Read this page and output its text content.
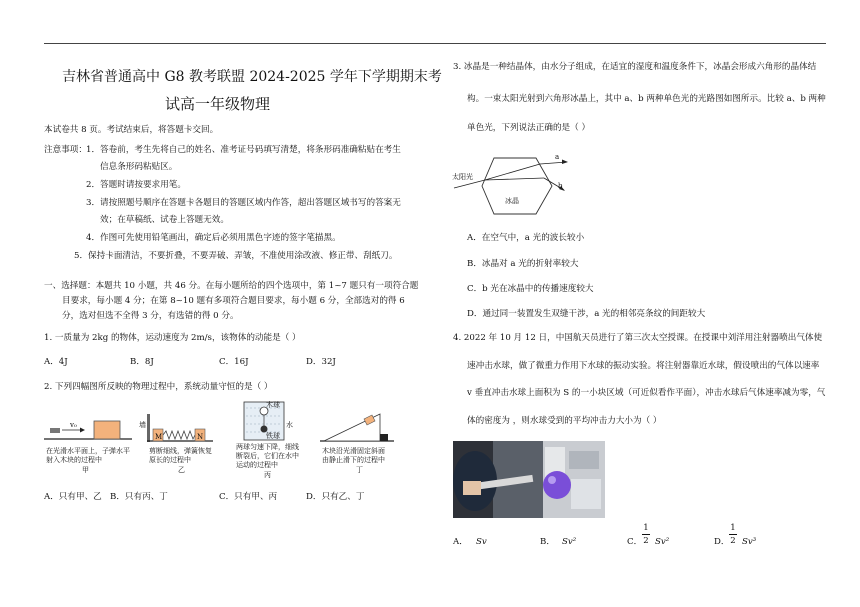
吉林省普通高中 G8 教考联盟 2024-2025 学年下学期期末考
试高一年级物理
本试卷共 8 页。考试结束后，将答题卡交回。
注意事项： 1．答卷前，考生先将自己的姓名、准考证号码填写清楚，将条形码准确粘贴在考生
信息条形码粘贴区。
2．答题时请按要求用笔。
3．请按照题号顺序在答题卡各题目的答题区域内作答，超出答题区域书写的答案无
效；在草稿纸、试卷上答题无效。
4．作图可先使用铅笔画出，确定后必须用黑色字迹的签字笔描黑。
5．保持卡面清洁，不要折叠，不要弄破、弄皱，不准使用涂改液、修正带、刮纸刀。
一、选择题：本题共 10 小题，共 46 分。在每小题所给的四个选项中，第 1~7 题只有一项符合题
目要求，每小题 4 分；在第 8~10 题有多项符合题目要求，每小题 6 分，全部选对的得 6
分，选对但选不全得 3 分，有选错的得 0 分。
1. 一质量为 2kg 的物体，运动速度为 2m/s，该物体的动能是（ ）
A．4J	B．8J	C．16J	D．32J
2. 下列四幅图所反映的物理过程中，系统动量守恒的是（ ）
v₀
在光滑水平面上，子弹水平
射入木块的过程中
甲
墙
M	N
剪断细线，弹簧恢复
原长的过程中
乙
木球
铁球
水
两球匀速下降，细线
断裂后，它们在水中
运动的过程中
丙
木块沿光滑固定斜面
由静止滑下的过程中
丁
A．只有甲、乙 B．只有丙、丁	C．只有甲、丙	D．只有乙、丁
3. 冰晶是一种结晶体，由水分子组成，在适宜的湿度和温度条件下，冰晶会形成六角形的晶体结
构。一束太阳光射到六角形冰晶上，其中 a、b 两种单色光的光路图如图所示。比较 a、b 两种
单色光，下列说法正确的是（ ）
太阳光
冰晶
a
b
A．在空气中，a 光的波长较小
B．冰晶对 a 光的折射率较大
C．b 光在冰晶中的传播速度较大
D．通过同一装置发生双缝干涉，a 光的相邻亮条纹的间距较大
4. 2022 年 10 月 12 日，中国航天员进行了第三次太空授课。在授课中刘洋用注射器喷出气体使
速冲击水球，做了微重力作用下水球的振动实验。将注射器靠近水球，假设喷出的气体以速率
v 垂直冲击水球上面积为 S 的一小块区域（可近似看作平面），冲击水球后气体速率减为零，气
体的密度为 ，则水球受到的平均冲击力大小为（ ）
A． Sv	B． Sv²	C．
1
2 Sv²	D．
1
2 Sv³
